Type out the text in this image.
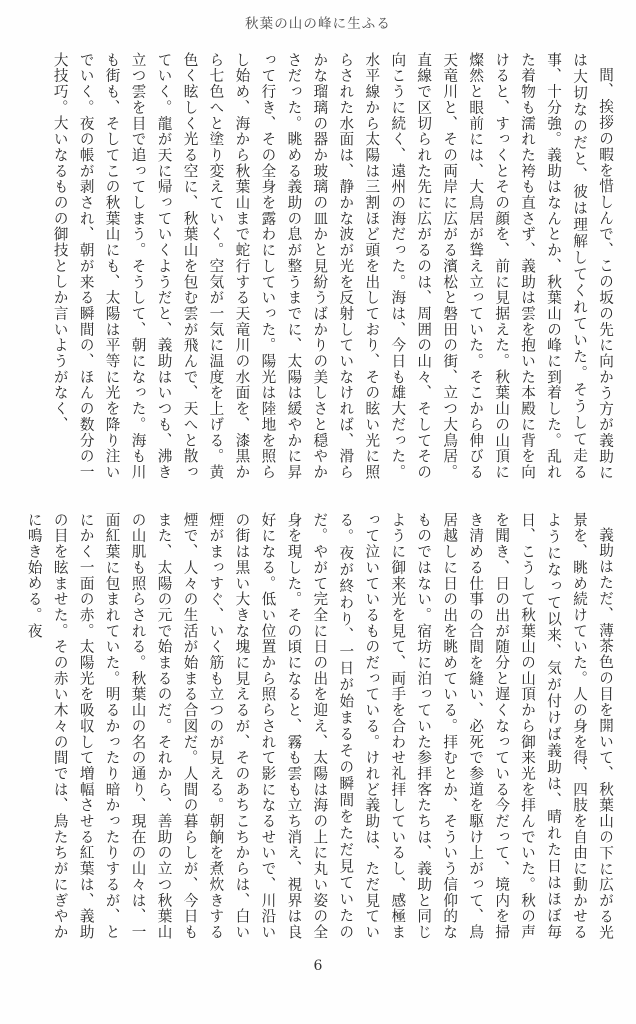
秋葉の山の峰に生ふる

間、挨拶の暇を惜しんで、この坂の先に向かう方が義助には大切なのだと、彼は理解してくれていた。そうして走る事、十分強。義助はなんとか、秋葉山の峰に到着した。乱れた着物も濡れた袴も直さず、義助は雲を抱いた本殿に背を向けると、すっくとその顔を、前に見据えた。秋葉山の山頂に燦然と眼前には、大鳥居が聳え立っていた。そこから伸びる天竜川と、その両岸に広がる濱松と磐田の街、立つ大鳥居。直線で区切られた先に広がるのは、周囲の山々、そしてその向こうに続く、遠州の海だった。海は、今日も雄大だった。水平線から太陽は三割ほど頭を出しており、その眩い光に照らされた水面は、静かな波が光を反射していなければ、滑らかな瑠璃の器か玻璃の皿かと見紛うばかりの美しさと穏やかさだった。眺める義助の息が整うまでに、太陽は緩やかに昇って行き、その全身を露わにしていった。陽光は陸地を照らし始め、海から秋葉山まで蛇行する天竜川の水面を、漆黒から七色へと塗り変えていく。空気が一気に温度を上げる。黄色く眩しく光る空に、秋葉山を包む雲が飛んで、天へと散っていく。龍が天に帰っていくようだと、義助はいつも、沸き立つ雲を目で追ってしまう。そうして、朝になった。海も川も街も、そしてこの秋葉山にも、太陽は平等に光を降り注いでいく。夜の帳が剥され、朝が来る瞬間の、ほんの数分の一大技巧。大いなるものの御技としか言いようがなく、

義助はただ、薄茶色の目を開いて、秋葉山の下に広がる光景を、眺め続けていた。人の身を得、四肢を自由に動かせるようになって以来、気が付けば義助は、晴れた日はほぼ毎日、こうして秋葉山の山頂から御来光を拝んでいた。秋の声を聞き、日の出が随分と遅くなっている今だって、境内を掃き清める仕事の合間を縫い、必死で参道を駆け上がって、鳥居越しに日の出を眺めている。拝むとか、そういう信仰的なものではない。宿坊に泊っていた参拝客たちは、義助と同じように御来光を見て、両手を合わせ礼拝しているし、感極まって泣いているものだっている。けれど義助は、ただ見ている。夜が終わり、一日が始まるその瞬間をただ見ていたのだ。やがて完全に日の出を迎え、太陽は海の上に丸い姿の全身を現した。その頃になると、霧も雲も立ち消え、視界は良好になる。低い位置から照らされて影になるせいで、川沿いの街は黒い大きな塊に見えるが、そのあちこちからは、白い煙がまっすぐ、いく筋も立つのが見える。朝餉を煮炊きする煙で、人々の生活が始まる合図だ。人間の暮らしが、今日もまた、太陽の元で始まるのだ。それから、善助の立つ秋葉山の山肌も照らされる。秋葉山の名の通り、現在の山々は、一面紅葉に包まれていた。明るかったり暗かったりするが、とにかく一面の赤。太陽光を吸収して増幅させる紅葉は、義助の目を眩ませた。その赤い木々の間では、鳥たちがにぎやかに鳴き始める。夜

6
